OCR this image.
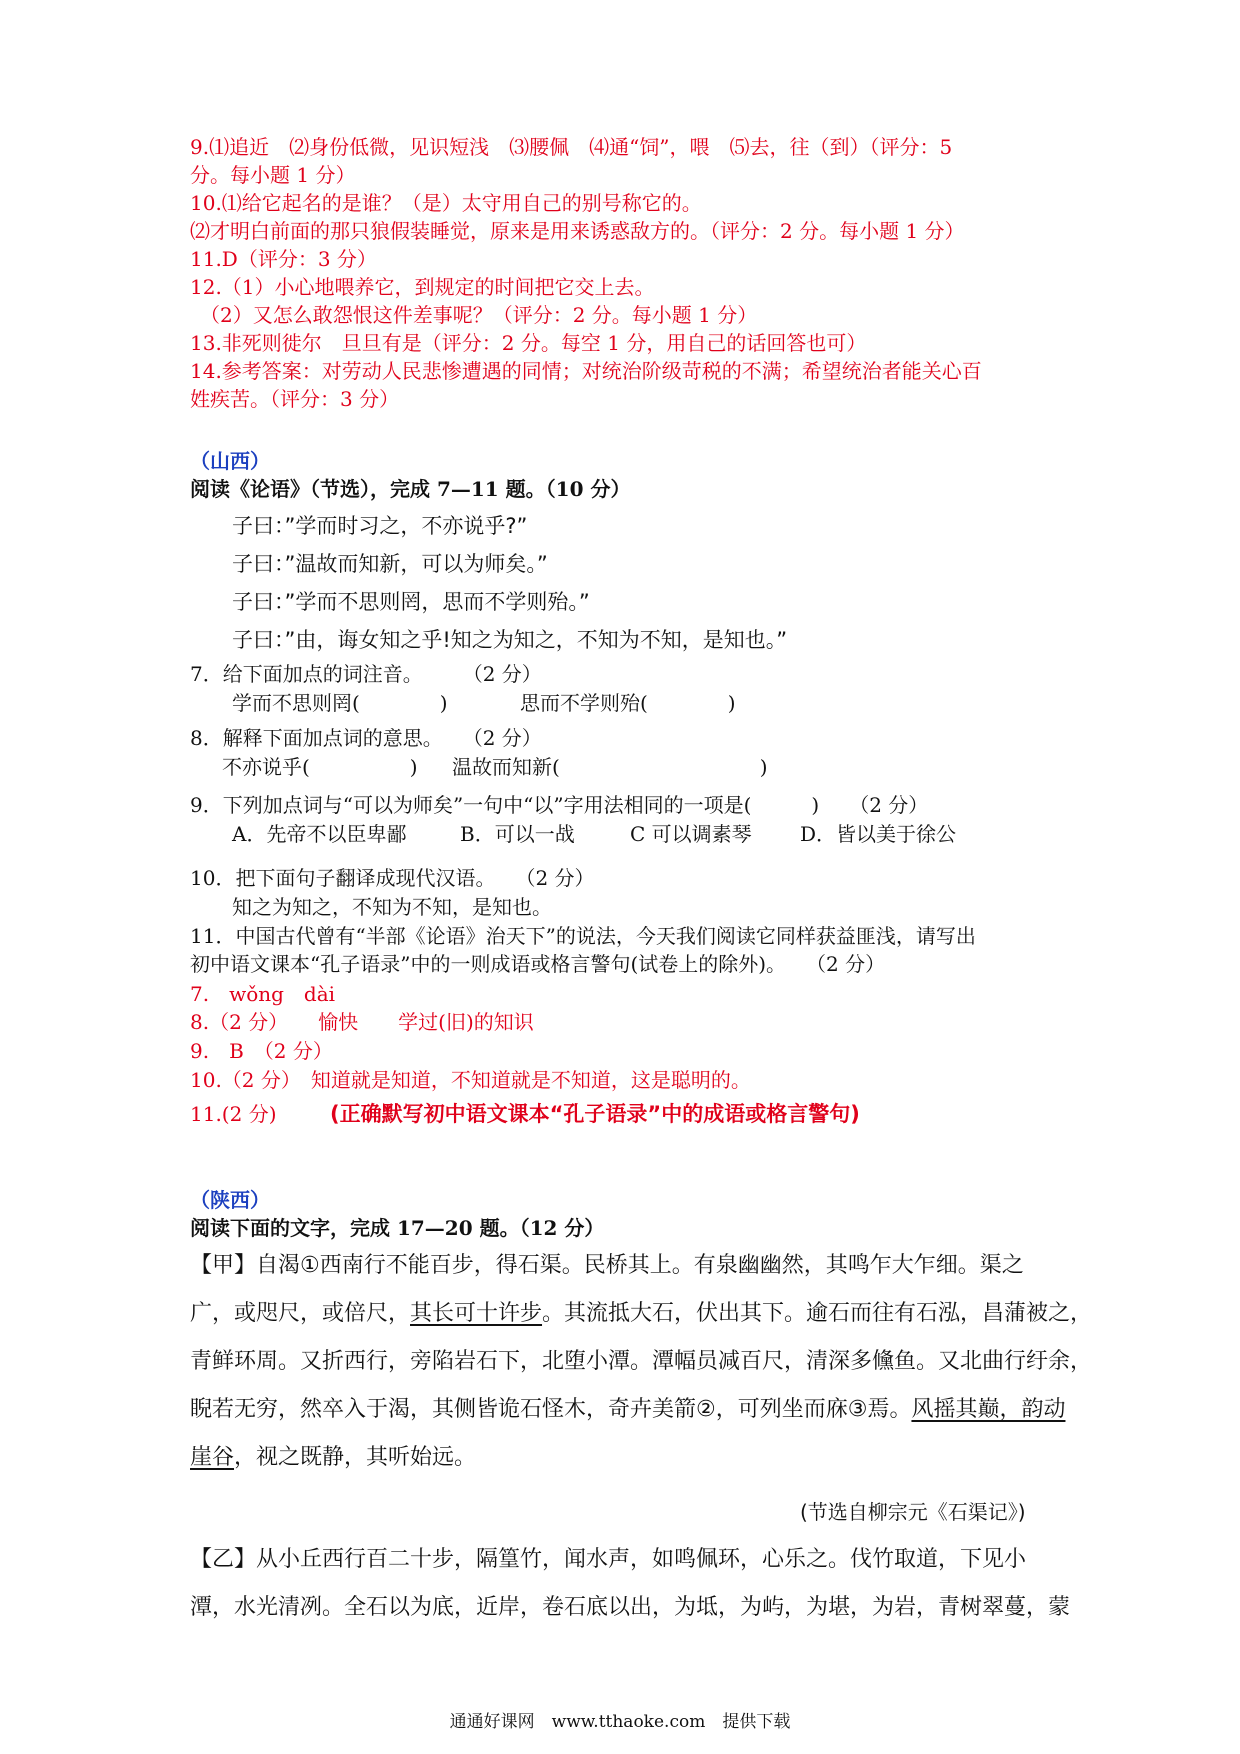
9.⑴追近　⑵身份低微，见识短浅　⑶腰佩　⑷通“饲”，喂　⑸去，往（到）（评分：5
分。每小题 1 分）
10.⑴给它起名的是谁？（是）太守用自己的别号称它的。
⑵才明白前面的那只狼假装睡觉，原来是用来诱惑敌方的。（评分：2 分。每小题 1 分）
11.D（评分：3 分）
12.（1）小心地喂养它，到规定的时间把它交上去。
　（2）又怎么敢怨恨这件差事呢？（评分：2 分。每小题 1 分）
13.非死则徙尔　旦旦有是（评分：2 分。每空 1 分，用自己的话回答也可）
14.参考答案：对劳动人民悲惨遭遇的同情；对统治阶级苛税的不满；希望统治者能关心百
姓疾苦。（评分：3 分）
（山西）
阅读《论语》（节选），完成 7—11 题。（10 分）
子曰：”学而时习之，不亦说乎?”
子曰：”温故而知新，可以为师矣。”
子曰：”学而不思则罔，思而不学则殆。”
子曰：”由，诲女知之乎!知之为知之，不知为不知，是知也。”
7．给下面加点的词注音。　　　（2 分）
学而不思则罔(　　　　)	思而不学则殆(　　　　)
8．解释下面加点词的意思。　　（2 分）
不亦说乎(　　　　　) 温故而知新(　　　　　　　　　　)
9．下列加点词与“可以为师矣”一句中“以”字用法相同的一项是(　　　)　　（2 分）
A．先帝不以臣卑鄙	B．可以一战	C 可以调素琴 D．皆以美于徐公
10．把下面句子翻译成现代汉语。　　（2 分）
知之为知之，不知为不知，是知也。
11．中国古代曾有“半部《论语》治天下”的说法，今天我们阅读它同样获益匪浅，请写出
初中语文课本“孔子语录”中的一则成语或格言警句(试卷上的除外)。　　（2 分）
7.　wǒng　dài
8.（2 分）　　愉快　　学过(旧)的知识
9.　B　（2 分）
10.（2 分）　知道就是知道，不知道就是不知道，这是聪明的。
11.(2 分)	(正确默写初中语文课本“孔子语录”中的成语或格言警句)
（陕西）
阅读下面的文字，完成 17—20 题。（12 分）
【甲】自渴①西南行不能百步，得石渠。民桥其上。有泉幽幽然，其鸣乍大乍细。渠之
广，或咫尺，或倍尺，其长可十许步。其流抵大石，伏出其下。逾石而往有石泓，昌蒲被之，
青鲜环周。又折西行，旁陷岩石下，北堕小潭。潭幅员减百尺，清深多儵鱼。又北曲行纡余，
睨若无穷，然卒入于渴，其侧皆诡石怪木，奇卉美箭②，可列坐而庥③焉。风摇其巅，韵动
崖谷，视之既静，其听始远。
(节选自柳宗元《石渠记》)
【乙】从小丘西行百二十步，隔篁竹，闻水声，如鸣佩环，心乐之。伐竹取道，下见小
潭，水光清冽。全石以为底，近岸，卷石底以出，为坻，为屿，为堪，为岩，青树翠蔓，蒙
通通好课网　www.tthaoke.com　提供下载
